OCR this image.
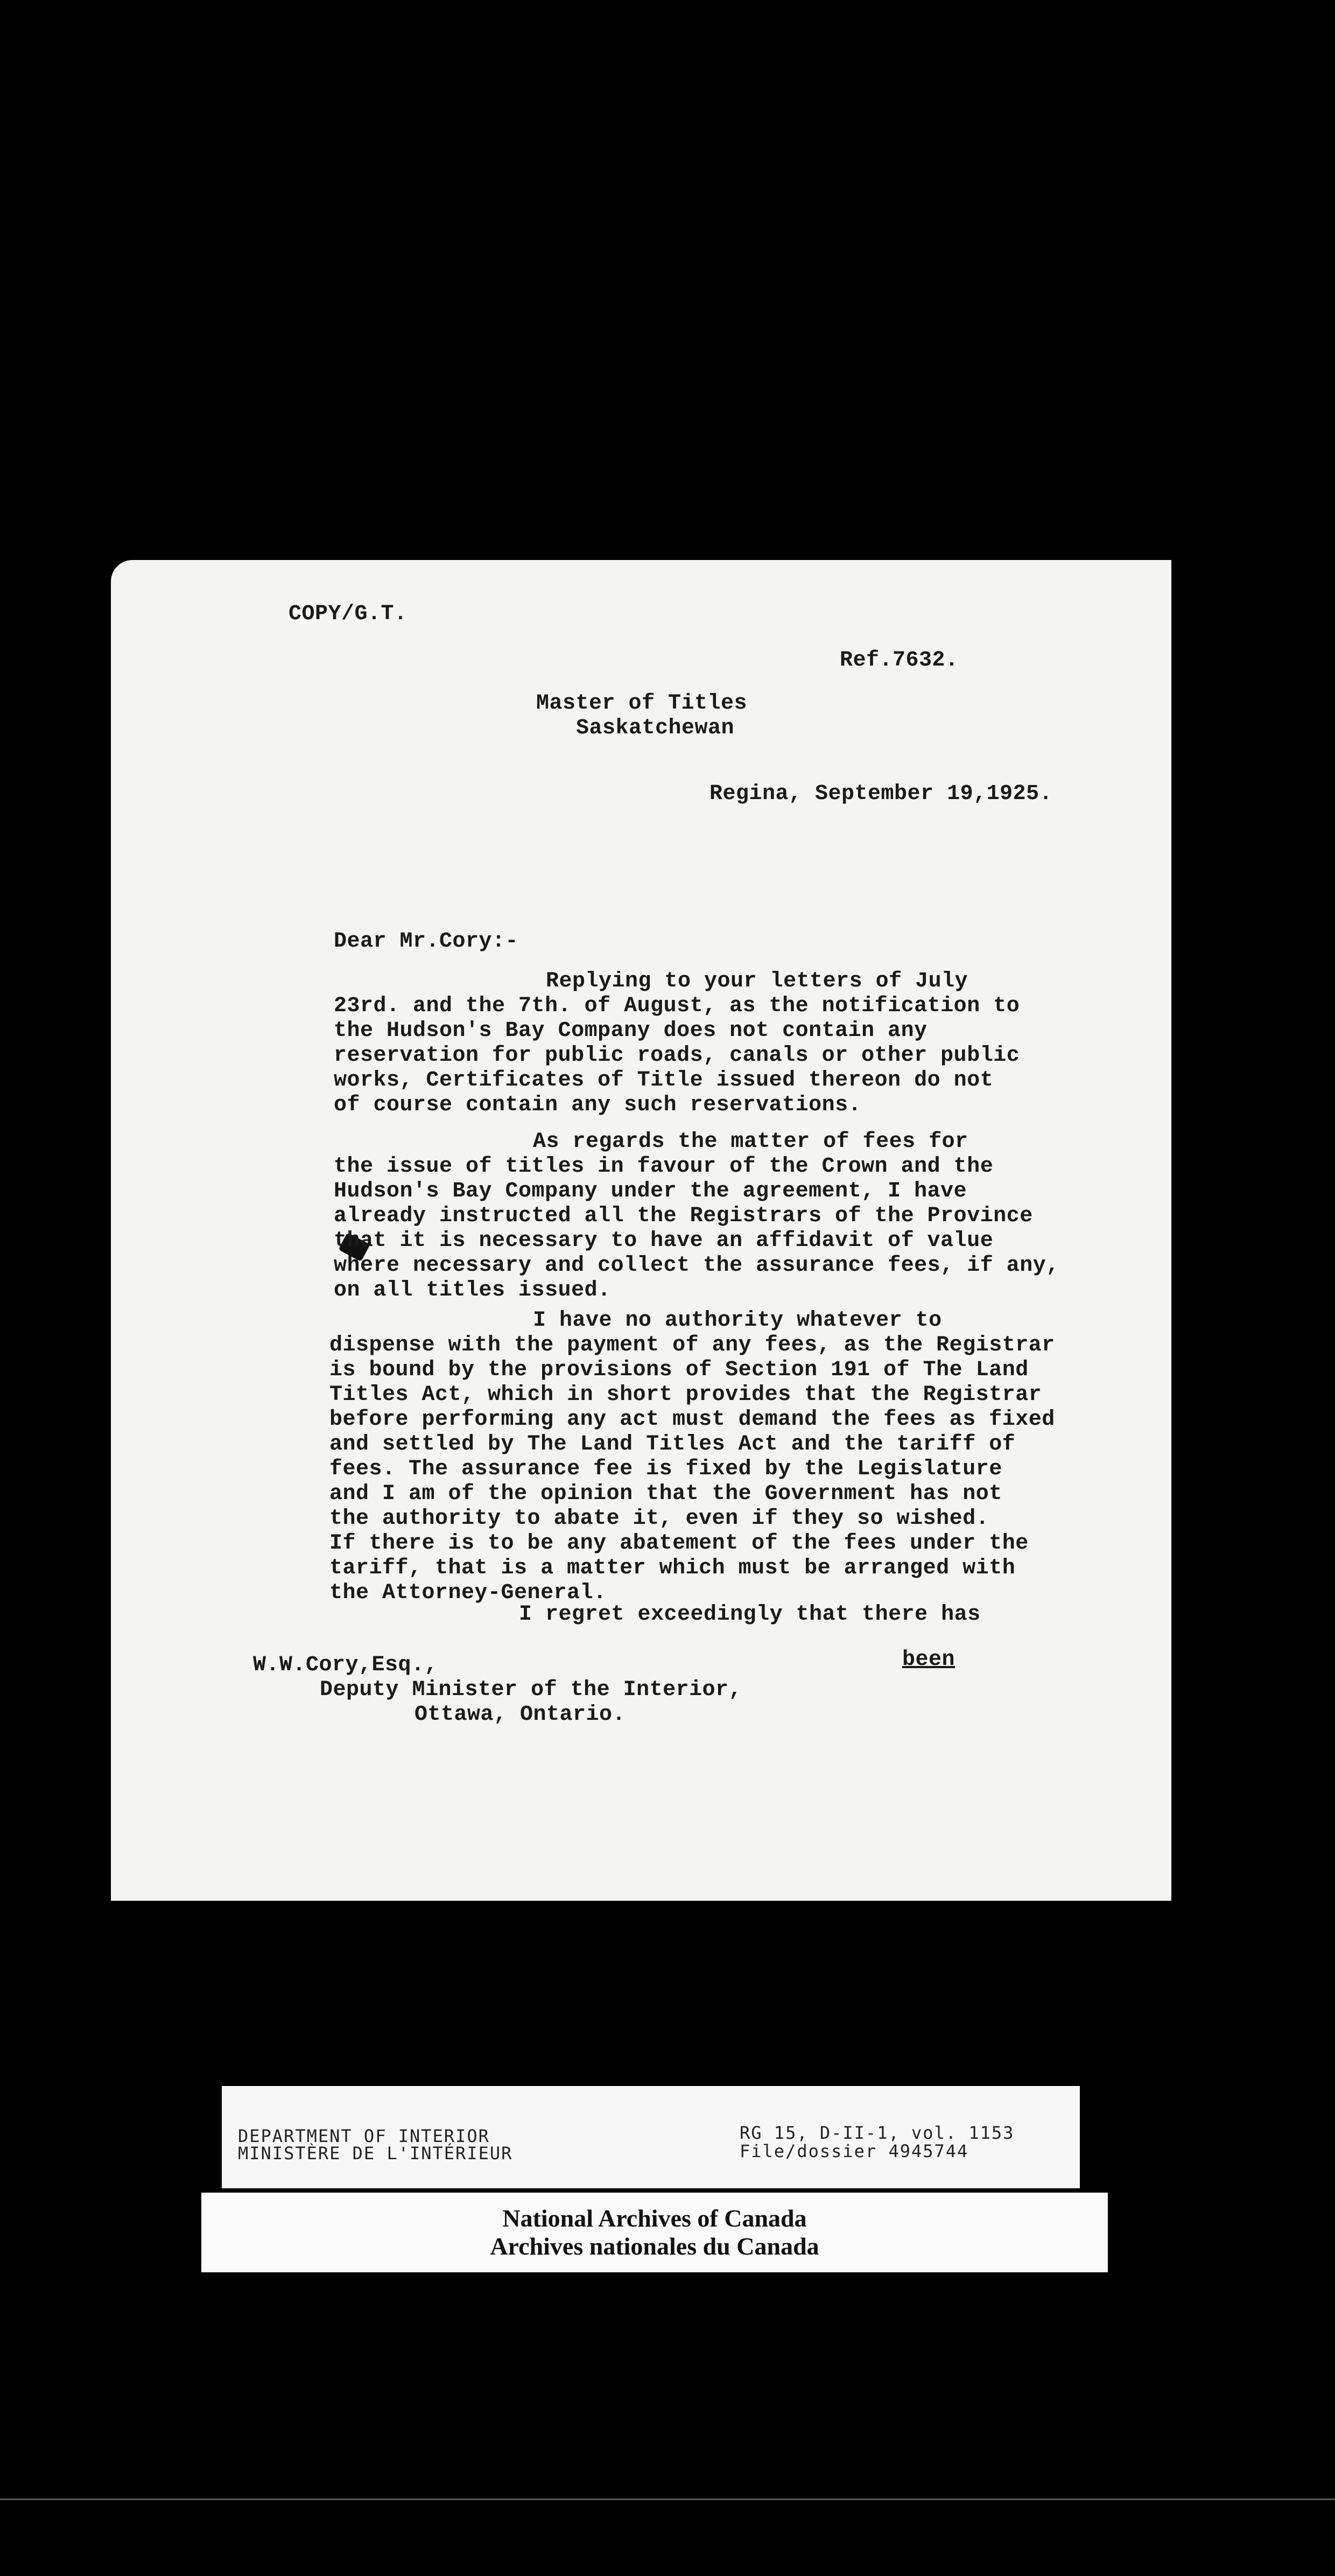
COPY/G.T.
Ref.7632.
Master of Titles
Saskatchewan
Regina, September 19,1925.
Dear Mr.Cory:-
Replying to your letters of July
23rd. and the 7th. of August, as the notification to
the Hudson's Bay Company does not contain any
reservation for public roads, canals or other public
works, Certificates of Title issued thereon do not
of course contain any such reservations.
As regards the matter of fees for
the issue of titles in favour of the Crown and the
Hudson's Bay Company under the agreement, I have
already instructed all the Registrars of the Province
that it is necessary to have an affidavit of value
where necessary and collect the assurance fees, if any,
on all titles issued.
I have no authority whatever to
dispense with the payment of any fees, as the Registrar
is bound by the provisions of Section 191 of The Land
Titles Act, which in short provides that the Registrar
before performing any act must demand the fees as fixed
and settled by The Land Titles Act and the tariff of
fees. The assurance fee is fixed by the Legislature
and I am of the opinion that the Government has not
the authority to abate it, even if they so wished.
If there is to be any abatement of the fees under the
tariff, that is a matter which must be arranged with
the Attorney-General.
I regret exceedingly that there has
been
W.W.Cory,Esq.,
Deputy Minister of the Interior,
Ottawa, Ontario.
DEPARTMENT OF INTERIOR
MINISTÈRE DE L'INTÉRIEUR
RG 15, D-II-1, vol. 1153
File/dossier 4945744
National Archives of Canada
Archives nationales du Canada
